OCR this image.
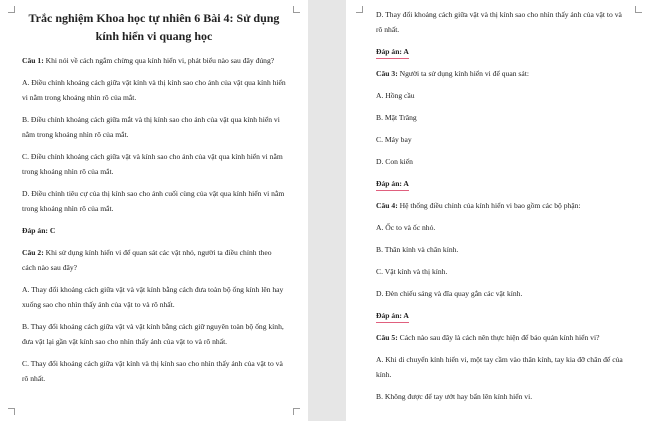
Trắc nghiệm Khoa học tự nhiên 6 Bài 4: Sử dụng kính hiển vi quang học

Câu 1: Khi nói về cách ngắm chừng qua kính hiển vi, phát biểu nào sau đây đúng?

A. Điều chỉnh khoảng cách giữa vật kính và thị kính sao cho ảnh của vật qua kính hiển vi nằm trong khoảng nhìn rõ của mắt.

B. Điều chỉnh khoảng cách giữa mắt và thị kính sao cho ảnh của vật qua kính hiển vi nằm trong khoảng nhìn rõ của mắt.

C. Điều chỉnh khoảng cách giữa vật và kính sao cho ảnh của vật qua kính hiển vi nằm trong khoảng nhìn rõ của mắt.

D. Điều chỉnh tiêu cự của thị kính sao cho ảnh cuối cùng của vật qua kính hiển vi nằm trong khoảng nhìn rõ của mắt.

Đáp án: C

Câu 2: Khi sử dụng kính hiển vi để quan sát các vật nhỏ, người ta điều chỉnh theo cách nào sau đây?

A. Thay đổi khoảng cách giữa vật và vật kính bằng cách đưa toàn bộ ống kính lên hay xuống sao cho nhìn thấy ảnh của vật to và rõ nhất.

B. Thay đổi khoảng cách giữa vật và vật kính bằng cách giữ nguyên toàn bộ ống kính, đưa vật lại gần vật kính sao cho nhìn thấy ảnh của vật to và rõ nhất.

C. Thay đổi khoảng cách giữa vật kính và thị kính sao cho nhìn thấy ảnh của vật to và rõ nhất.

D. Thay đổi khoảng cách giữa vật và thị kính sao cho nhìn thấy ảnh của vật to và rõ nhất.

Đáp án: A

Câu 3: Người ta sử dụng kính hiển vi để quan sát:

A. Hồng cầu

B. Mặt Trăng

C. Máy bay

D. Con kiến

Đáp án: A

Câu 4: Hệ thống điều chỉnh của kính hiển vi bao gồm các bộ phận:

A. Ốc to và ốc nhỏ.

B. Thân kính và chân kính.

C. Vật kính và thị kính.

D. Đèn chiếu sáng và đĩa quay gắn các vật kính.

Đáp án: A

Câu 5: Cách nào sau đây là cách nên thực hiện để bảo quản kính hiển vi?

A. Khi di chuyển kính hiển vi, một tay cầm vào thân kính, tay kia đỡ chân đế của kính.

B. Không được để tay ướt hay bẩn lên kính hiển vi.
